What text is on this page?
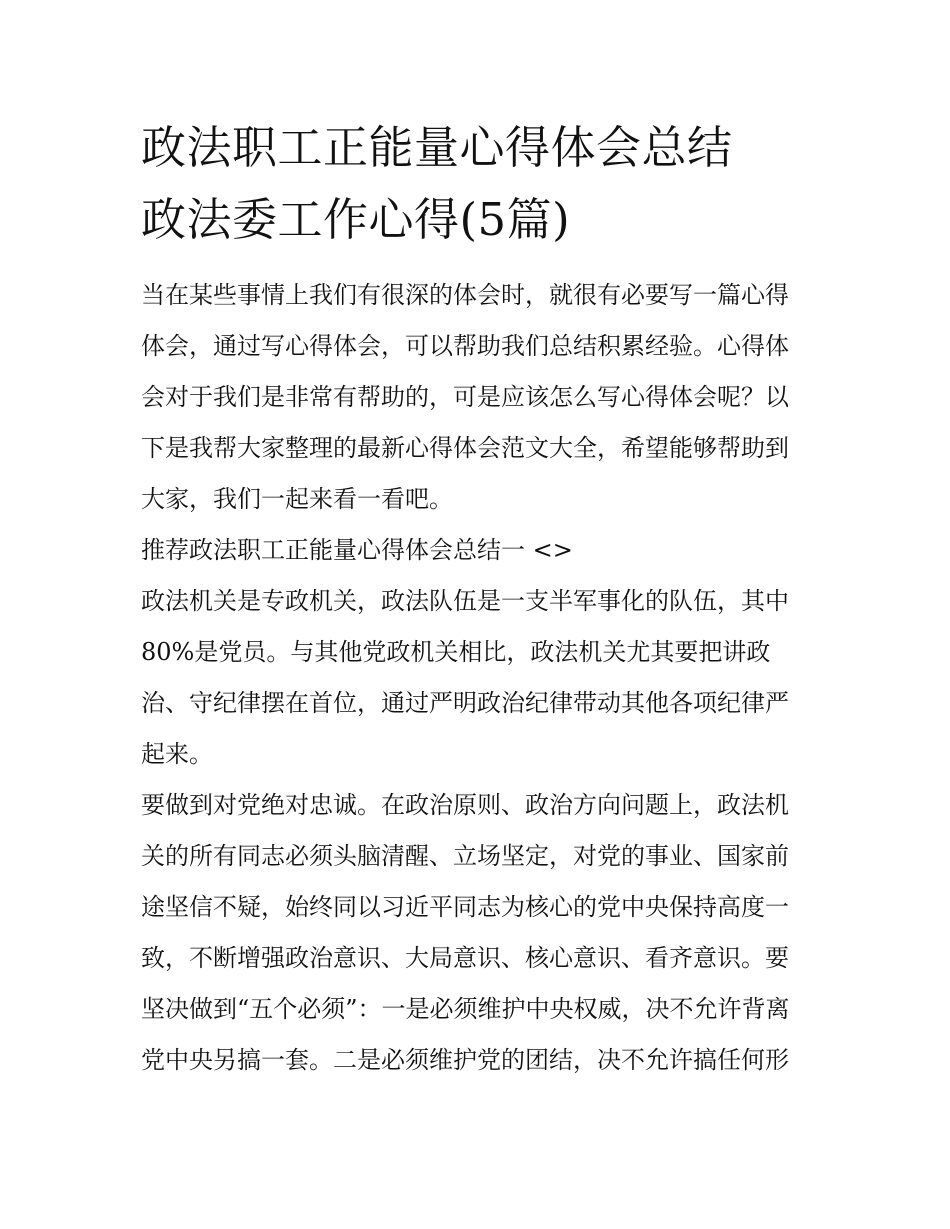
政法职工正能量心得体会总结
政法委工作心得(5篇)
当在某些事情上我们有很深的体会时，就很有必要写一篇心得
体会，通过写心得体会，可以帮助我们总结积累经验。心得体
会对于我们是非常有帮助的，可是应该怎么写心得体会呢？以
下是我帮大家整理的最新心得体会范文大全，希望能够帮助到
大家，我们一起来看一看吧。
推荐政法职工正能量心得体会总结一 <>
政法机关是专政机关，政法队伍是一支半军事化的队伍，其中
80%是党员。与其他党政机关相比，政法机关尤其要把讲政
治、守纪律摆在首位，通过严明政治纪律带动其他各项纪律严
起来。
要做到对党绝对忠诚。在政治原则、政治方向问题上，政法机
关的所有同志必须头脑清醒、立场坚定，对党的事业、国家前
途坚信不疑，始终同以习近平同志为核心的党中央保持高度一
致，不断增强政治意识、大局意识、核心意识、看齐意识。要
坚决做到“五个必须”：一是必须维护中央权威，决不允许背离
党中央另搞一套。二是必须维护党的团结，决不允许搞任何形
